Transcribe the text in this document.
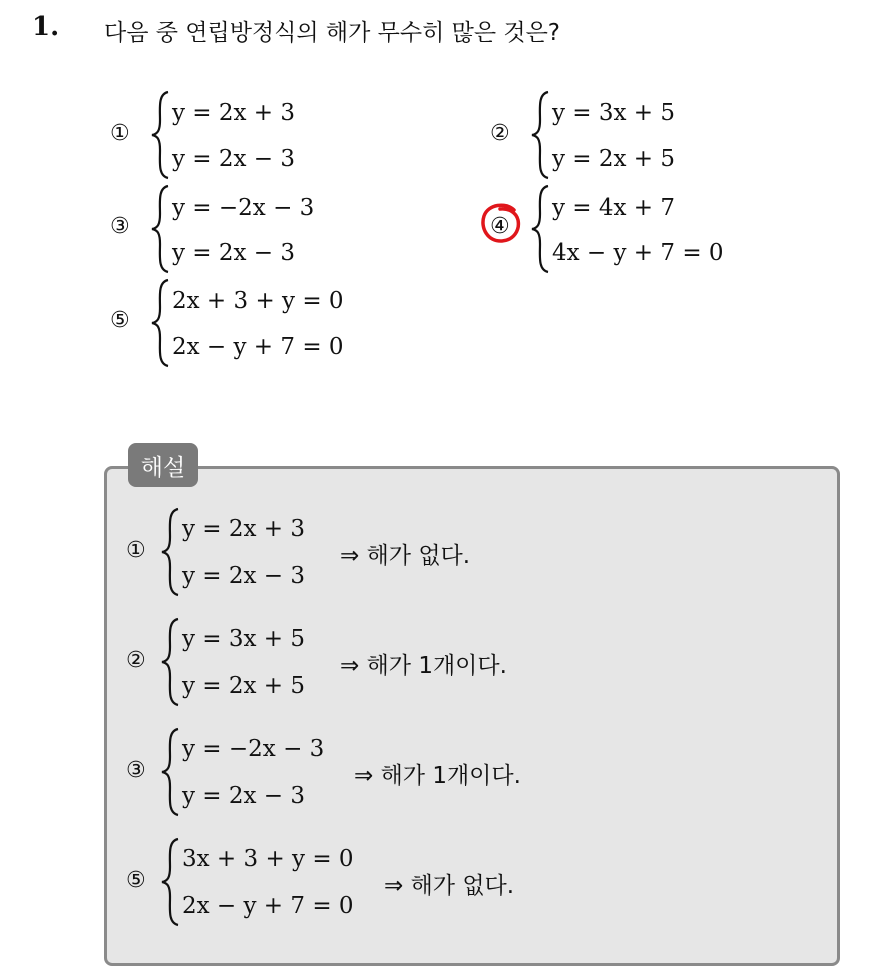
1. 다음 중 연립방정식의 해가 무수히 많은 것은?
①
y = 2x + 3
y = 2x − 3
②
y = 3x + 5
y = 2x + 5
③
y = −2x − 3
y = 2x − 3
④
y = 4x + 7
4x − y + 7 = 0
⑤
2x + 3 + y = 0
2x − y + 7 = 0
해설
①
y = 2x + 3
y = 2x − 3
⇒ 해가 없다.
②
y = 3x + 5
y = 2x + 5
⇒ 해가 1개이다.
③
y = −2x − 3
y = 2x − 3
⇒ 해가 1개이다.
⑤
3x + 3 + y = 0
2x − y + 7 = 0
⇒ 해가 없다.
